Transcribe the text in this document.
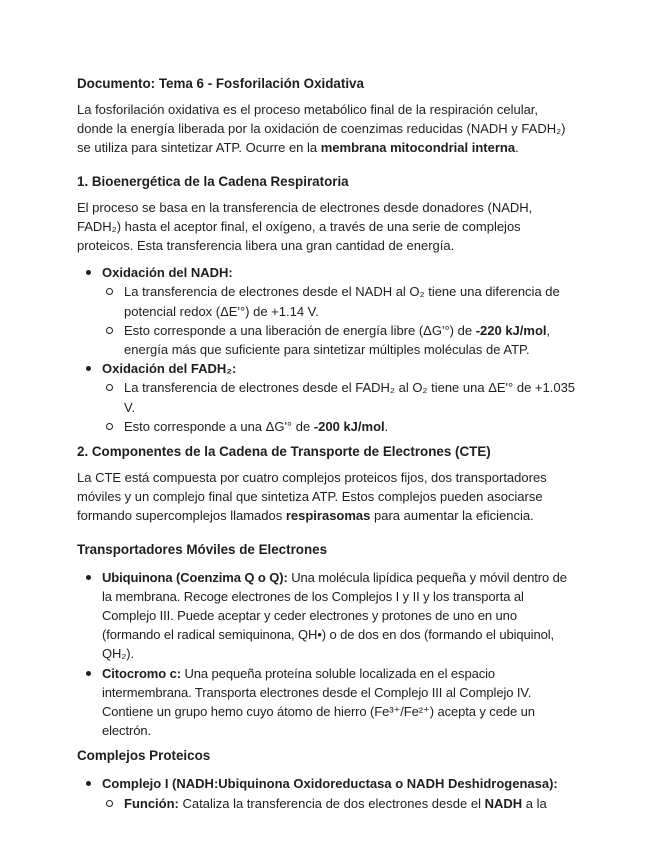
Documento: Tema 6 - Fosforilación Oxidativa

La fosforilación oxidativa es el proceso metabólico final de la respiración celular, donde la energía liberada por la oxidación de coenzimas reducidas (NADH y FADH₂) se utiliza para sintetizar ATP. Ocurre en la membrana mitocondrial interna.

1. Bioenergética de la Cadena Respiratoria

El proceso se basa en la transferencia de electrones desde donadores (NADH, FADH₂) hasta el aceptor final, el oxígeno, a través de una serie de complejos proteicos. Esta transferencia libera una gran cantidad de energía.

Oxidación del NADH:
La transferencia de electrones desde el NADH al O₂ tiene una diferencia de potencial redox (ΔE'°) de +1.14 V.
Esto corresponde a una liberación de energía libre (ΔG'°) de -220 kJ/mol, energía más que suficiente para sintetizar múltiples moléculas de ATP.
Oxidación del FADH₂:
La transferencia de electrones desde el FADH₂ al O₂ tiene una ΔE'° de +1.035 V.
Esto corresponde a una ΔG'° de -200 kJ/mol.
2. Componentes de la Cadena de Transporte de Electrones (CTE)

La CTE está compuesta por cuatro complejos proteicos fijos, dos transportadores móviles y un complejo final que sintetiza ATP. Estos complejos pueden asociarse formando supercomplejos llamados respirasomas para aumentar la eficiencia.

Transportadores Móviles de Electrones
Ubiquinona (Coenzima Q o Q): Una molécula lipídica pequeña y móvil dentro de la membrana. Recoge electrones de los Complejos I y II y los transporta al Complejo III. Puede aceptar y ceder electrones y protones de uno en uno (formando el radical semiquinona, QH•) o de dos en dos (formando el ubiquinol, QH₂).
Citocromo c: Una pequeña proteína soluble localizada en el espacio intermembrana. Transporta electrones desde el Complejo III al Complejo IV. Contiene un grupo hemo cuyo átomo de hierro (Fe³⁺/Fe²⁺) acepta y cede un electrón.
Complejos Proteicos
Complejo I (NADH:Ubiquinona Oxidoreductasa o NADH Deshidrogenasa):
Función: Cataliza la transferencia de dos electrones desde el NADH a la
